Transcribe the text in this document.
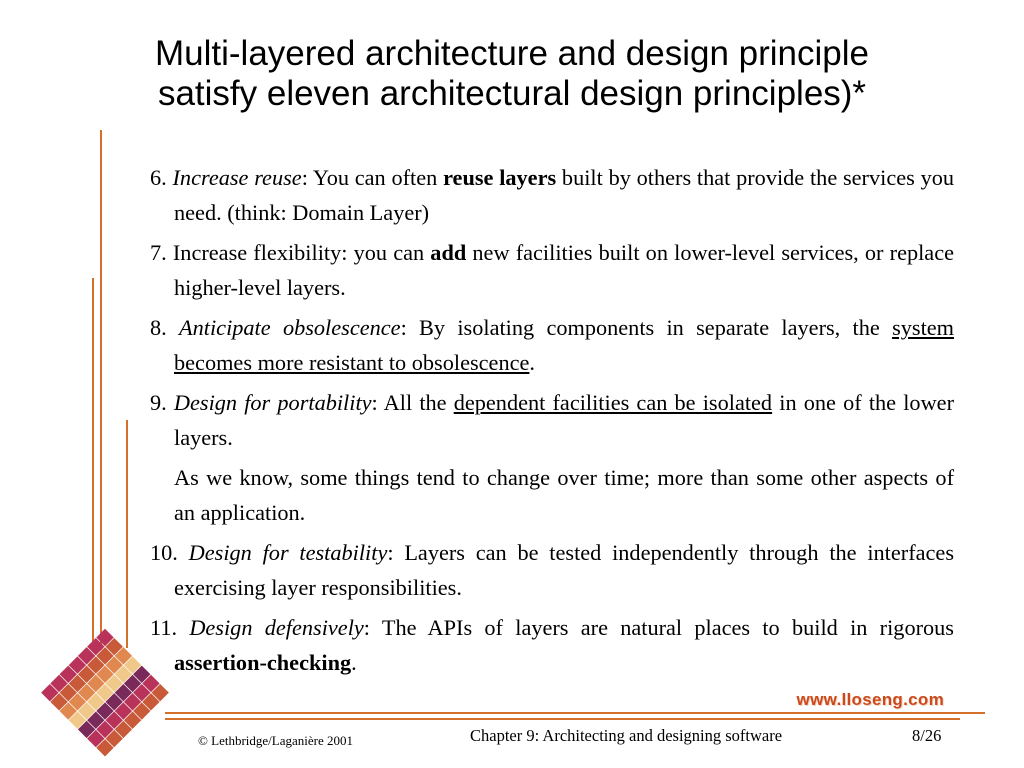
Multi-layered architecture and design principle
satisfy eleven architectural design principles)*

6. Increase reuse: You can often reuse layers built by others that provide the services you need. (think: Domain Layer)

7. Increase flexibility: you can add new facilities built on lower-level services, or replace higher-level layers.

8. Anticipate obsolescence: By isolating components in separate layers, the system becomes more resistant to obsolescence.

9. Design for portability: All the dependent facilities can be isolated in one of the lower layers.

As we know, some things tend to change over time; more than some other aspects of an application.

10. Design for testability: Layers can be tested independently through the interfaces exercising layer responsibilities.

11. Design defensively: The APIs of layers are natural places to build in rigorous assertion-checking.

www.lloseng.com
© Lethbridge/Laganière 2001	Chapter 9: Architecting and designing software	8/26
